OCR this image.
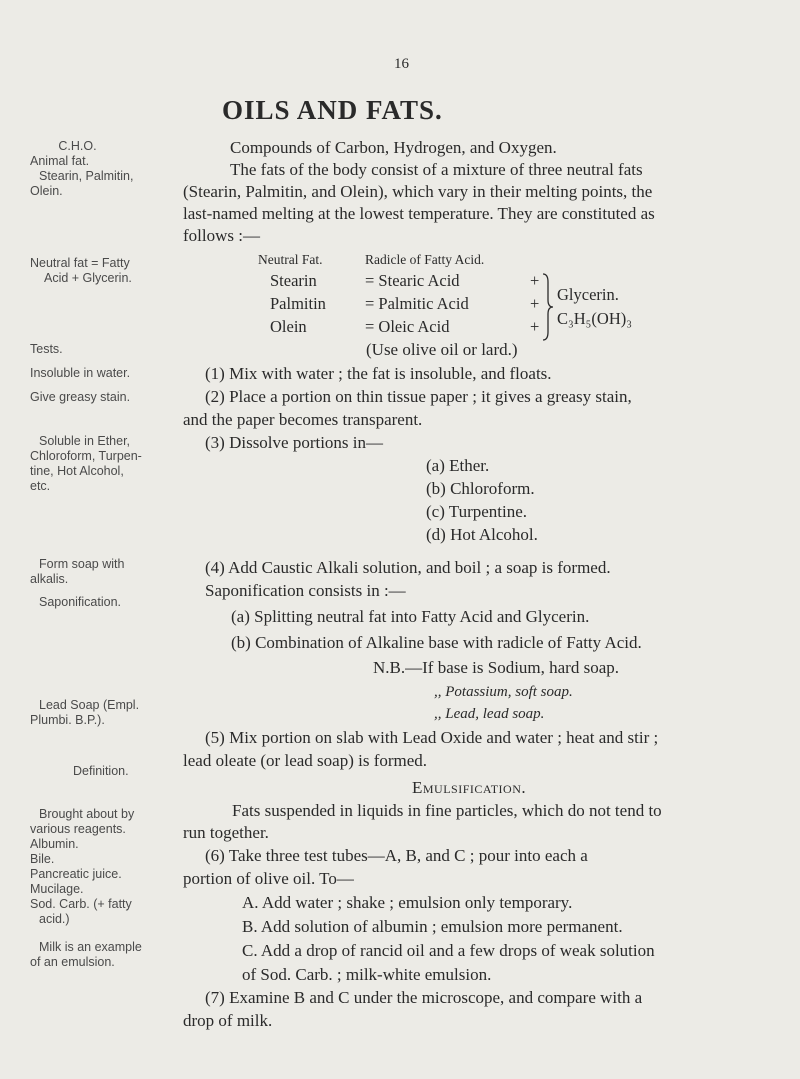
16
OILS AND FATS.
C.H.O.
Animal fat.
Stearin, Palmitin,
Olein.
Neutral fat = Fatty
Acid + Glycerin.
Tests.
Insoluble in water.
Give greasy stain.
Soluble in Ether,
Chloroform, Turpen-
tine, Hot Alcohol,
etc.
Form soap with
alkalis.
Saponification.
Lead Soap (Empl.
Plumbi. B.P.).
Definition.
Brought about by
various reagents.
Albumin.
Bile.
Pancreatic juice.
Mucilage.
Sod. Carb. (+ fatty
acid.)
Milk is an example
of an emulsion.
Compounds of Carbon, Hydrogen, and Oxygen.
The fats of the body consist of a mixture of three neutral fats
(Stearin, Palmitin, and Olein), which vary in their melting points, the
last-named melting at the lowest temperature. They are constituted as
follows :—
Neutral Fat.	Radicle of Fatty Acid.
Stearin	= Stearic Acid	+
Palmitin = Palmitic Acid	+
Olein	= Oleic Acid	+
Glycerin.
C₃H₅(OH)₃
(Use olive oil or lard.)
(1) Mix with water ; the fat is insoluble, and floats.
(2) Place a portion on thin tissue paper ; it gives a greasy stain,
and the paper becomes transparent.
(3) Dissolve portions in—
(a) Ether.
(b) Chloroform.
(c) Turpentine.
(d) Hot Alcohol.
(4) Add Caustic Alkali solution, and boil ; a soap is formed.
Saponification consists in :—
(a) Splitting neutral fat into Fatty Acid and Glycerin.
(b) Combination of Alkaline base with radicle of Fatty Acid.
N.B.—If base is Sodium, hard soap.
,, Potassium, soft soap.
,, Lead, lead soap.
(5) Mix portion on slab with Lead Oxide and water ; heat and stir ;
lead oleate (or lead soap) is formed.
Emulsification.
Fats suspended in liquids in fine particles, which do not tend to
run together.
(6) Take three test tubes—A, B, and C ; pour into each a
portion of olive oil. To—
A. Add water ; shake ; emulsion only temporary.
B. Add solution of albumin ; emulsion more permanent.
C. Add a drop of rancid oil and a few drops of weak solution
of Sod. Carb. ; milk-white emulsion.
(7) Examine B and C under the microscope, and compare with a
drop of milk.
